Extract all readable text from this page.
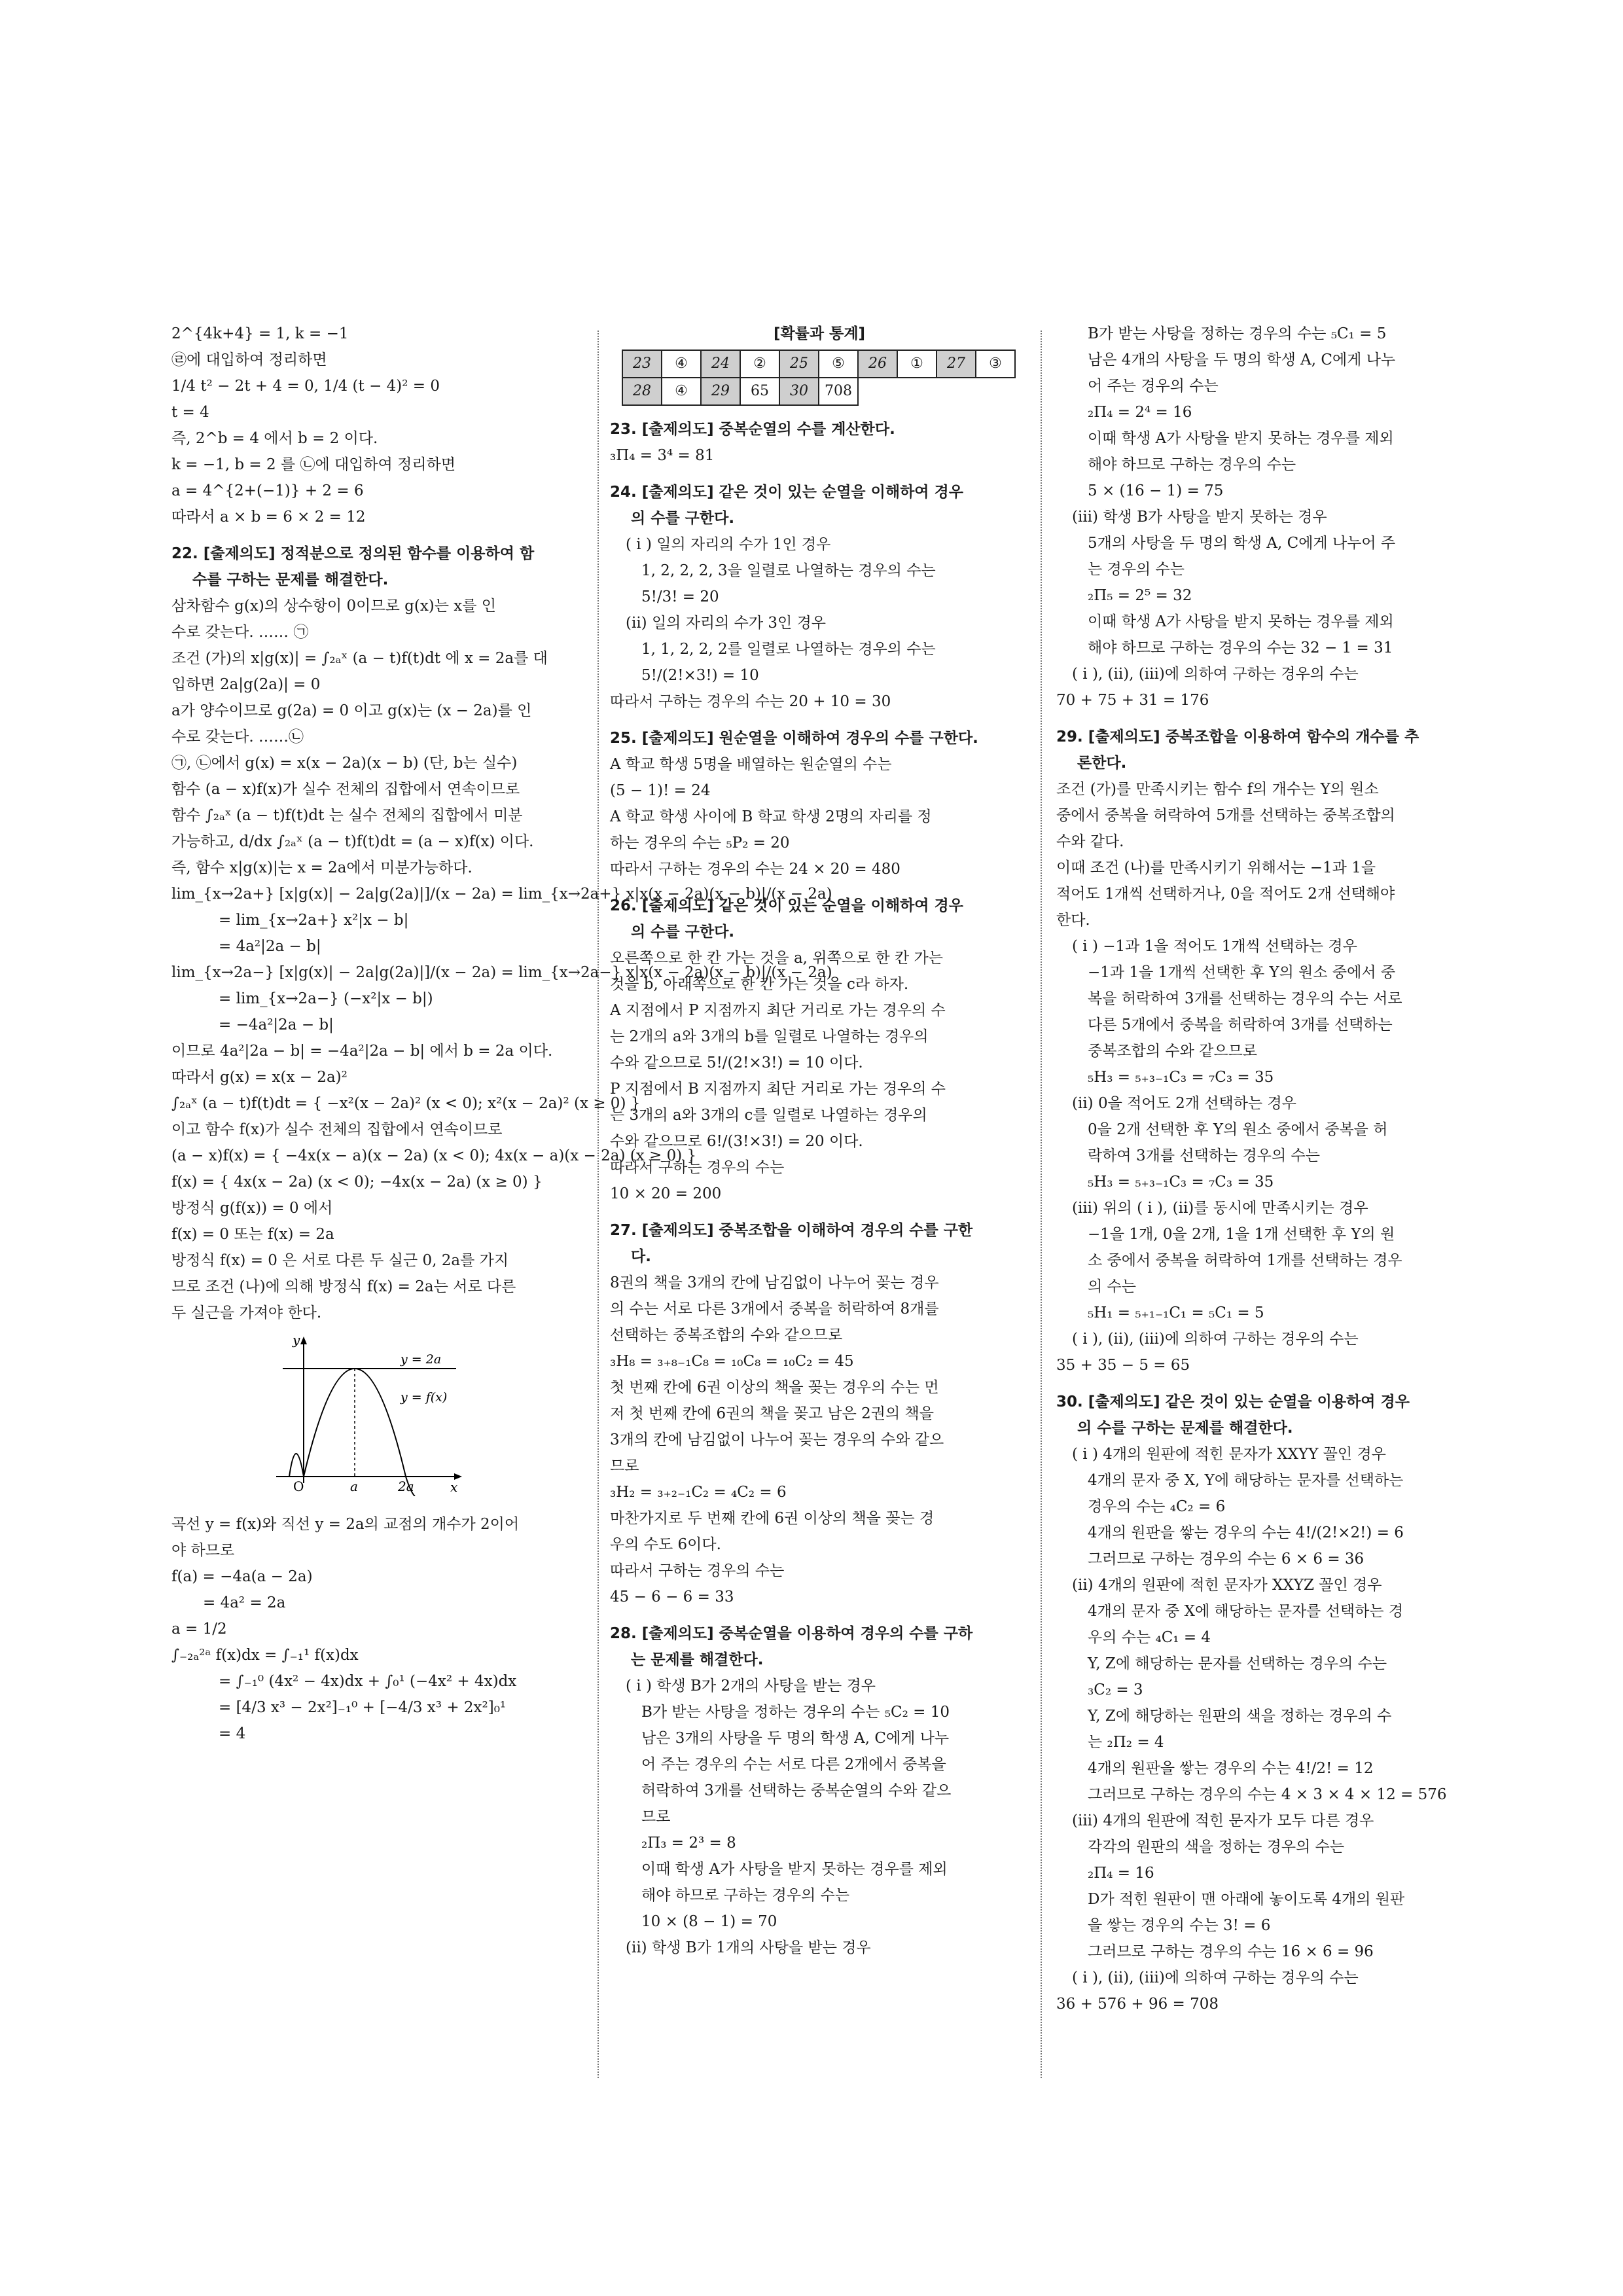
2^{4k+4} = 1, k = −1
㉣에 대입하여 정리하면
1/4 t² − 2t + 4 = 0, 1/4 (t − 4)² = 0
t = 4
즉, 2^b = 4 에서 b = 2 이다.
k = −1, b = 2 를 ㉡에 대입하여 정리하면
a = 4^{2+(−1)} + 2 = 6
따라서 a × b = 6 × 2 = 12
22. [출제의도] 정적분으로 정의된 함수를 이용하여 함
수를 구하는 문제를 해결한다.
삼차함수 g(x)의 상수항이 0이므로 g(x)는 x를 인
수로 갖는다. …… ㉠
조건 (가)의 x|g(x)| = ∫₂ₐˣ (a − t)f(t)dt 에 x = 2a를 대
입하면 2a|g(2a)| = 0
a가 양수이므로 g(2a) = 0 이고 g(x)는 (x − 2a)를 인
수로 갖는다. ……㉡
㉠, ㉡에서 g(x) = x(x − 2a)(x − b) (단, b는 실수)
함수 (a − x)f(x)가 실수 전체의 집합에서 연속이므로
함수 ∫₂ₐˣ (a − t)f(t)dt 는 실수 전체의 집합에서 미분
가능하고, d/dx ∫₂ₐˣ (a − t)f(t)dt = (a − x)f(x) 이다.
즉, 함수 x|g(x)|는 x = 2a에서 미분가능하다.
lim_{x→2a+} [x|g(x)| − 2a|g(2a)|]/(x − 2a) = lim_{x→2a+} x|x(x − 2a)(x − b)|/(x − 2a)
= lim_{x→2a+} x²|x − b|
= 4a²|2a − b|
lim_{x→2a−} [x|g(x)| − 2a|g(2a)|]/(x − 2a) = lim_{x→2a−} x|x(x − 2a)(x − b)|/(x − 2a)
= lim_{x→2a−} (−x²|x − b|)
= −4a²|2a − b|
이므로 4a²|2a − b| = −4a²|2a − b| 에서 b = 2a 이다.
따라서 g(x) = x(x − 2a)²
∫₂ₐˣ (a − t)f(t)dt = { −x²(x − 2a)² (x < 0); x²(x − 2a)² (x ≥ 0) }
이고 함수 f(x)가 실수 전체의 집합에서 연속이므로
(a − x)f(x) = { −4x(x − a)(x − 2a) (x < 0); 4x(x − a)(x − 2a) (x ≥ 0) }
f(x) = { 4x(x − 2a) (x < 0); −4x(x − 2a) (x ≥ 0) }
방정식 g(f(x)) = 0 에서
f(x) = 0 또는 f(x) = 2a
방정식 f(x) = 0 은 서로 다른 두 실근 0, 2a를 가지
므로 조건 (나)에 의해 방정식 f(x) = 2a는 서로 다른
두 실근을 가져야 한다.
y
x
O	a	2a
y = 2a
y = f(x)
곡선 y = f(x)와 직선 y = 2a의 교점의 개수가 2이어
야 하므로
f(a) = −4a(a − 2a)
= 4a² = 2a
a = 1/2
∫₋₂ₐ²ᵃ f(x)dx = ∫₋₁¹ f(x)dx
= ∫₋₁⁰ (4x² − 4x)dx + ∫₀¹ (−4x² + 4x)dx
= [4/3 x³ − 2x²]₋₁⁰ + [−4/3 x³ + 2x²]₀¹
= 4
[확률과 통계]
23	④	24	②	25	⑤	26	①	27	③
28	④	29	65	30	708				
23. [출제의도] 중복순열의 수를 계산한다.
₃Π₄ = 3⁴ = 81
24. [출제의도] 같은 것이 있는 순열을 이해하여 경우
의 수를 구한다.
( i ) 일의 자리의 수가 1인 경우
1, 2, 2, 2, 3을 일렬로 나열하는 경우의 수는
5!/3! = 20
(ii) 일의 자리의 수가 3인 경우
1, 1, 2, 2, 2를 일렬로 나열하는 경우의 수는
5!/(2!×3!) = 10
따라서 구하는 경우의 수는 20 + 10 = 30
25. [출제의도] 원순열을 이해하여 경우의 수를 구한다.
A 학교 학생 5명을 배열하는 원순열의 수는
(5 − 1)! = 24
A 학교 학생 사이에 B 학교 학생 2명의 자리를 정
하는 경우의 수는 ₅P₂ = 20
따라서 구하는 경우의 수는 24 × 20 = 480
26. [출제의도] 같은 것이 있는 순열을 이해하여 경우
의 수를 구한다.
오른쪽으로 한 칸 가는 것을 a, 위쪽으로 한 칸 가는
것을 b, 아래쪽으로 한 칸 가는 것을 c라 하자.
A 지점에서 P 지점까지 최단 거리로 가는 경우의 수
는 2개의 a와 3개의 b를 일렬로 나열하는 경우의
수와 같으므로 5!/(2!×3!) = 10 이다.
P 지점에서 B 지점까지 최단 거리로 가는 경우의 수
는 3개의 a와 3개의 c를 일렬로 나열하는 경우의
수와 같으므로 6!/(3!×3!) = 20 이다.
따라서 구하는 경우의 수는
10 × 20 = 200
27. [출제의도] 중복조합을 이해하여 경우의 수를 구한
다.
8권의 책을 3개의 칸에 남김없이 나누어 꽂는 경우
의 수는 서로 다른 3개에서 중복을 허락하여 8개를
선택하는 중복조합의 수와 같으므로
₃H₈ = ₃₊₈₋₁C₈ = ₁₀C₈ = ₁₀C₂ = 45
첫 번째 칸에 6권 이상의 책을 꽂는 경우의 수는 먼
저 첫 번째 칸에 6권의 책을 꽂고 남은 2권의 책을
3개의 칸에 남김없이 나누어 꽂는 경우의 수와 같으
므로
₃H₂ = ₃₊₂₋₁C₂ = ₄C₂ = 6
마찬가지로 두 번째 칸에 6권 이상의 책을 꽂는 경
우의 수도 6이다.
따라서 구하는 경우의 수는
45 − 6 − 6 = 33
28. [출제의도] 중복순열을 이용하여 경우의 수를 구하
는 문제를 해결한다.
( i ) 학생 B가 2개의 사탕을 받는 경우
B가 받는 사탕을 정하는 경우의 수는 ₅C₂ = 10
남은 3개의 사탕을 두 명의 학생 A, C에게 나누
어 주는 경우의 수는 서로 다른 2개에서 중복을
허락하여 3개를 선택하는 중복순열의 수와 같으
므로
₂Π₃ = 2³ = 8
이때 학생 A가 사탕을 받지 못하는 경우를 제외
해야 하므로 구하는 경우의 수는
10 × (8 − 1) = 70
(ii) 학생 B가 1개의 사탕을 받는 경우
B가 받는 사탕을 정하는 경우의 수는 ₅C₁ = 5
남은 4개의 사탕을 두 명의 학생 A, C에게 나누
어 주는 경우의 수는
₂Π₄ = 2⁴ = 16
이때 학생 A가 사탕을 받지 못하는 경우를 제외
해야 하므로 구하는 경우의 수는
5 × (16 − 1) = 75
(iii) 학생 B가 사탕을 받지 못하는 경우
5개의 사탕을 두 명의 학생 A, C에게 나누어 주
는 경우의 수는
₂Π₅ = 2⁵ = 32
이때 학생 A가 사탕을 받지 못하는 경우를 제외
해야 하므로 구하는 경우의 수는 32 − 1 = 31
( i ), (ii), (iii)에 의하여 구하는 경우의 수는
70 + 75 + 31 = 176
29. [출제의도] 중복조합을 이용하여 함수의 개수를 추
론한다.
조건 (가)를 만족시키는 함수 f의 개수는 Y의 원소
중에서 중복을 허락하여 5개를 선택하는 중복조합의
수와 같다.
이때 조건 (나)를 만족시키기 위해서는 −1과 1을
적어도 1개씩 선택하거나, 0을 적어도 2개 선택해야
한다.
( i ) −1과 1을 적어도 1개씩 선택하는 경우
−1과 1을 1개씩 선택한 후 Y의 원소 중에서 중
복을 허락하여 3개를 선택하는 경우의 수는 서로
다른 5개에서 중복을 허락하여 3개를 선택하는
중복조합의 수와 같으므로
₅H₃ = ₅₊₃₋₁C₃ = ₇C₃ = 35
(ii) 0을 적어도 2개 선택하는 경우
0을 2개 선택한 후 Y의 원소 중에서 중복을 허
락하여 3개를 선택하는 경우의 수는
₅H₃ = ₅₊₃₋₁C₃ = ₇C₃ = 35
(iii) 위의 ( i ), (ii)를 동시에 만족시키는 경우
−1을 1개, 0을 2개, 1을 1개 선택한 후 Y의 원
소 중에서 중복을 허락하여 1개를 선택하는 경우
의 수는
₅H₁ = ₅₊₁₋₁C₁ = ₅C₁ = 5
( i ), (ii), (iii)에 의하여 구하는 경우의 수는
35 + 35 − 5 = 65
30. [출제의도] 같은 것이 있는 순열을 이용하여 경우
의 수를 구하는 문제를 해결한다.
( i ) 4개의 원판에 적힌 문자가 XXYY 꼴인 경우
4개의 문자 중 X, Y에 해당하는 문자를 선택하는
경우의 수는 ₄C₂ = 6
4개의 원판을 쌓는 경우의 수는 4!/(2!×2!) = 6
그러므로 구하는 경우의 수는 6 × 6 = 36
(ii) 4개의 원판에 적힌 문자가 XXYZ 꼴인 경우
4개의 문자 중 X에 해당하는 문자를 선택하는 경
우의 수는 ₄C₁ = 4
Y, Z에 해당하는 문자를 선택하는 경우의 수는
₃C₂ = 3
Y, Z에 해당하는 원판의 색을 정하는 경우의 수
는 ₂Π₂ = 4
4개의 원판을 쌓는 경우의 수는 4!/2! = 12
그러므로 구하는 경우의 수는 4 × 3 × 4 × 12 = 576
(iii) 4개의 원판에 적힌 문자가 모두 다른 경우
각각의 원판의 색을 정하는 경우의 수는
₂Π₄ = 16
D가 적힌 원판이 맨 아래에 놓이도록 4개의 원판
을 쌓는 경우의 수는 3! = 6
그러므로 구하는 경우의 수는 16 × 6 = 96
( i ), (ii), (iii)에 의하여 구하는 경우의 수는
36 + 576 + 96 = 708
